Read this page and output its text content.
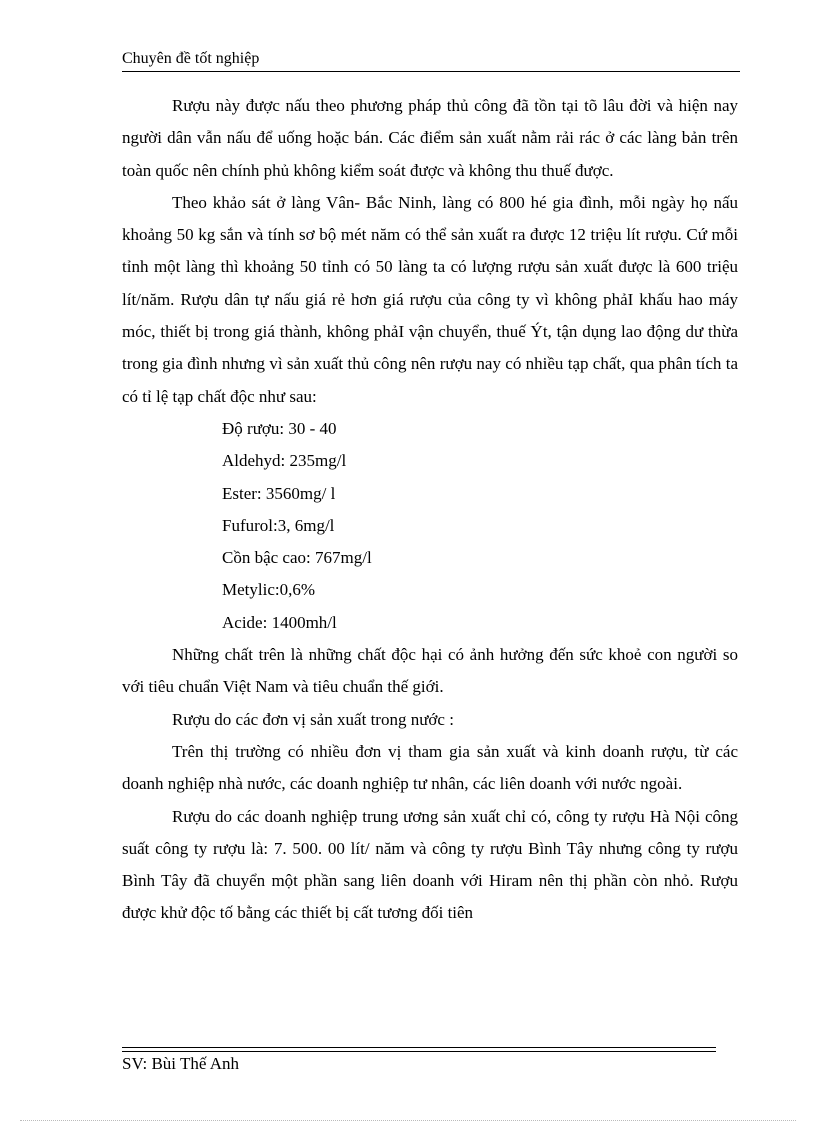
Chuyên đề tốt nghiệp

Rượu này được nấu theo phương pháp thủ công đã tồn tại tõ lâu đời và hiện nay người dân vẫn nấu để uống hoặc bán. Các điểm sản xuất nằm rải rác ở các làng bản trên toàn quốc nên chính phủ không kiểm soát được và không thu thuế được.

Theo khảo sát ở làng Vân- Bắc Ninh, làng có 800 hé gia đình, mỗi ngày họ nấu khoảng 50 kg sắn và tính sơ bộ mét năm có thể sản xuất ra được 12 triệu lít rượu. Cứ mỗi tỉnh một làng thì khoảng 50 tỉnh có 50 làng ta có lượng rượu sản xuất được là 600 triệu lít/năm. Rượu dân tự nấu giá rẻ hơn giá rượu của công ty vì không phảI khấu hao máy móc, thiết bị trong giá thành, không phảI vận chuyển, thuế Ýt, tận dụng lao động dư thừa trong gia đình nhưng vì sản xuất thủ công nên rượu nay có nhiều tạp chất, qua phân tích ta có tỉ lệ tạp chất độc như sau:

Độ rượu: 30 - 40
Aldehyd: 235mg/l
Ester: 3560mg/ l
Fufurol:3, 6mg/l
Cồn bậc cao: 767mg/l
Metylic:0,6%
Acide: 1400mh/l

Những chất trên là những chất độc hại có ảnh hưởng đến sức khoẻ con người so với tiêu chuẩn Việt Nam và tiêu chuẩn thế giới.

Rượu do các đơn vị sản xuất trong nước :

Trên thị trường có nhiều đơn vị tham gia sản xuất và kinh doanh rượu, từ các doanh nghiệp nhà nước, các doanh nghiệp tư nhân, các liên doanh với nước ngoài.

Rượu do các doanh nghiệp trung ương sản xuất chỉ có, công ty rượu Hà Nội công suất công ty rượu là: 7. 500. 00 lít/ năm và công ty rượu Bình Tây nhưng công ty rượu Bình Tây đã chuyển một phần sang liên doanh với Hiram nên thị phần còn nhỏ. Rượu được khử độc tố bằng các thiết bị cất tương đối tiên

SV: Bùi Thế Anh
